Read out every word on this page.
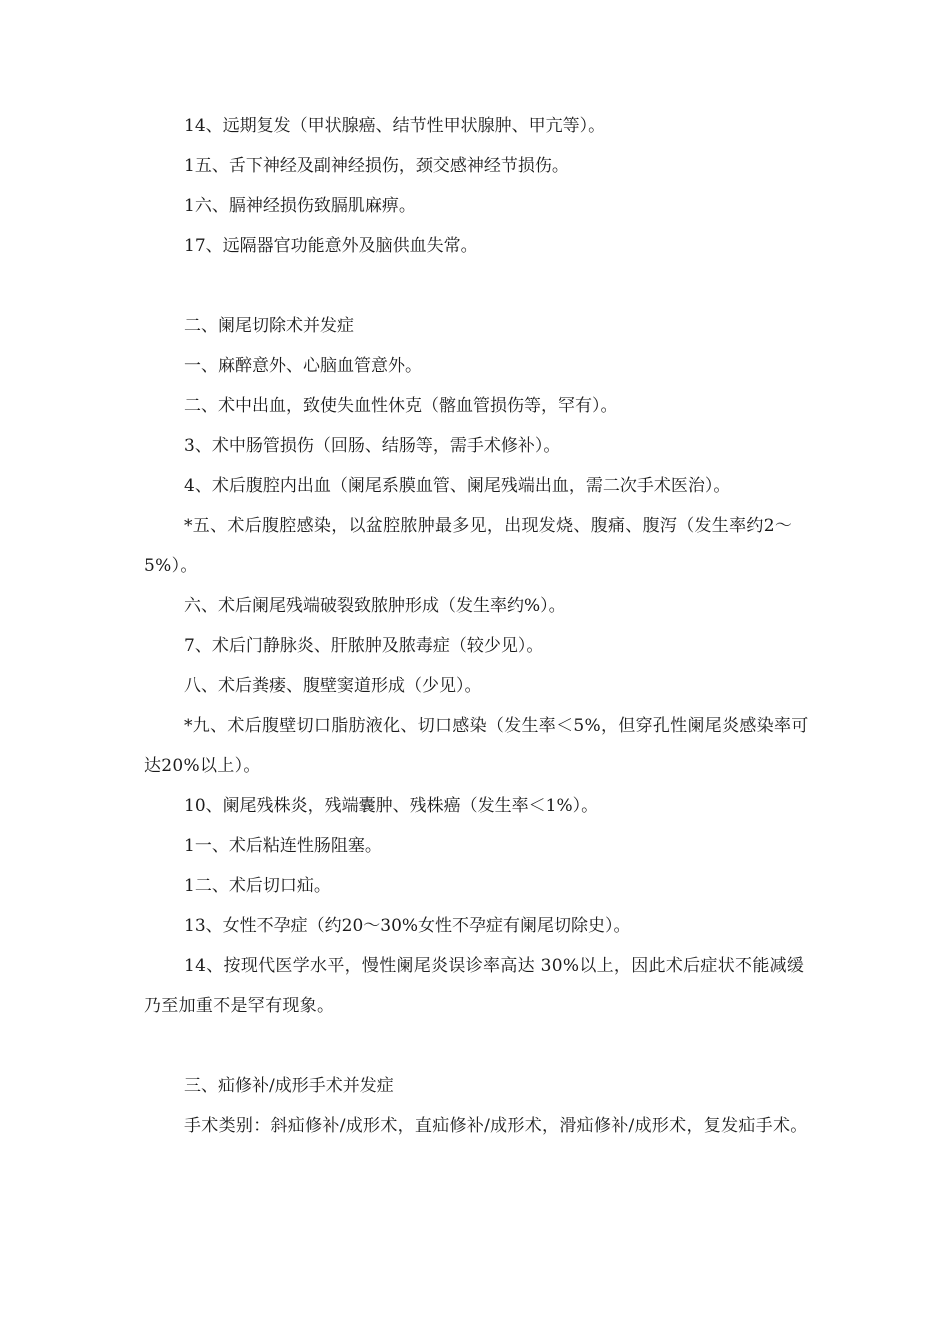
14、远期复发（甲状腺癌、结节性甲状腺肿、甲亢等）。

1五、舌下神经及副神经损伤，颈交感神经节损伤。

1六、膈神经损伤致膈肌麻痹。

17、远隔器官功能意外及脑供血失常。

二、阑尾切除术并发症

一、麻醉意外、心脑血管意外。

二、术中出血，致使失血性休克（髂血管损伤等，罕有）。

3、术中肠管损伤（回肠、结肠等，需手术修补）。

4、术后腹腔内出血（阑尾系膜血管、阑尾残端出血，需二次手术医治）。

*五、术后腹腔感染，以盆腔脓肿最多见，出现发烧、腹痛、腹泻（发生率约2～5%）。

六、术后阑尾残端破裂致脓肿形成（发生率约%）。

7、术后门静脉炎、肝脓肿及脓毒症（较少见）。

八、术后粪瘘、腹壁窦道形成（少见）。

*九、术后腹壁切口脂肪液化、切口感染（发生率＜5%，但穿孔性阑尾炎感染率可达20%以上）。

10、阑尾残株炎，残端囊肿、残株癌（发生率＜1%）。

1一、术后粘连性肠阻塞。

1二、术后切口疝。

13、女性不孕症（约20～30%女性不孕症有阑尾切除史）。

14、按现代医学水平，慢性阑尾炎误诊率高达 30%以上，因此术后症状不能减缓乃至加重不是罕有现象。

三、疝修补/成形手术并发症

手术类别：斜疝修补/成形术，直疝修补/成形术，滑疝修补/成形术，复发疝手术。
